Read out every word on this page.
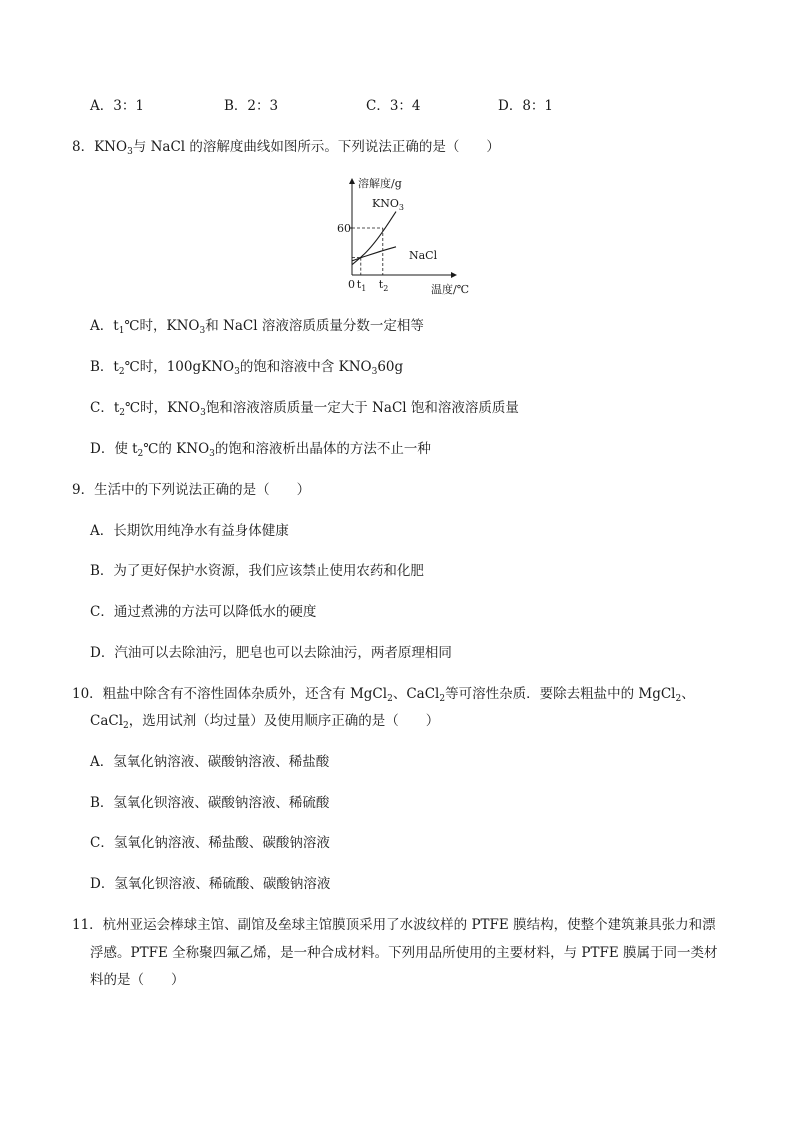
A．3：1	B．2：3	C．3：4	D．8：1
8．$KNO_3$与 NaCl 的溶解度曲线如图所示。下列说法正确的是（　　）
溶解度/g
温度/℃
0
60
$t_1$ $t_2$
$KNO_3$
NaCl
A．$t_1℃$时，$KNO_3$和 NaCl 溶液溶质质量分数一定相等
B．$t_2℃$时，100gKNO$_3$的饱和溶液中含 $KNO_360g$
C．$t_2℃$时，$KNO_3$饱和溶液溶质质量一定大于 NaCl 饱和溶液溶质质量
D．使 $t_2℃$的 $KNO_3$的饱和溶液析出晶体的方法不止一种
9．生活中的下列说法正确的是（　　）
A．长期饮用纯净水有益身体健康
B．为了更好保护水资源，我们应该禁止使用农药和化肥
C．通过煮沸的方法可以降低水的硬度
D．汽油可以去除油污，肥皂也可以去除油污，两者原理相同
10．粗盐中除含有不溶性固体杂质外，还含有 MgCl$_2$、CaCl$_2$等可溶性杂质．要除去粗盐中的 MgCl$_2$、
CaCl$_2$，选用试剂（均过量）及使用顺序正确的是（　　）
A．氢氧化钠溶液、碳酸钠溶液、稀盐酸
B．氢氧化钡溶液、碳酸钠溶液、稀硫酸
C．氢氧化钠溶液、稀盐酸、碳酸钠溶液
D．氢氧化钡溶液、稀硫酸、碳酸钠溶液
11．杭州亚运会棒球主馆、副馆及垒球主馆膜顶采用了水波纹样的 PTFE 膜结构，使整个建筑兼具张力和漂
浮感。PTFE 全称聚四氟乙烯，是一种合成材料。下列用品所使用的主要材料，与 PTFE 膜属于同一类材
料的是（　　）
